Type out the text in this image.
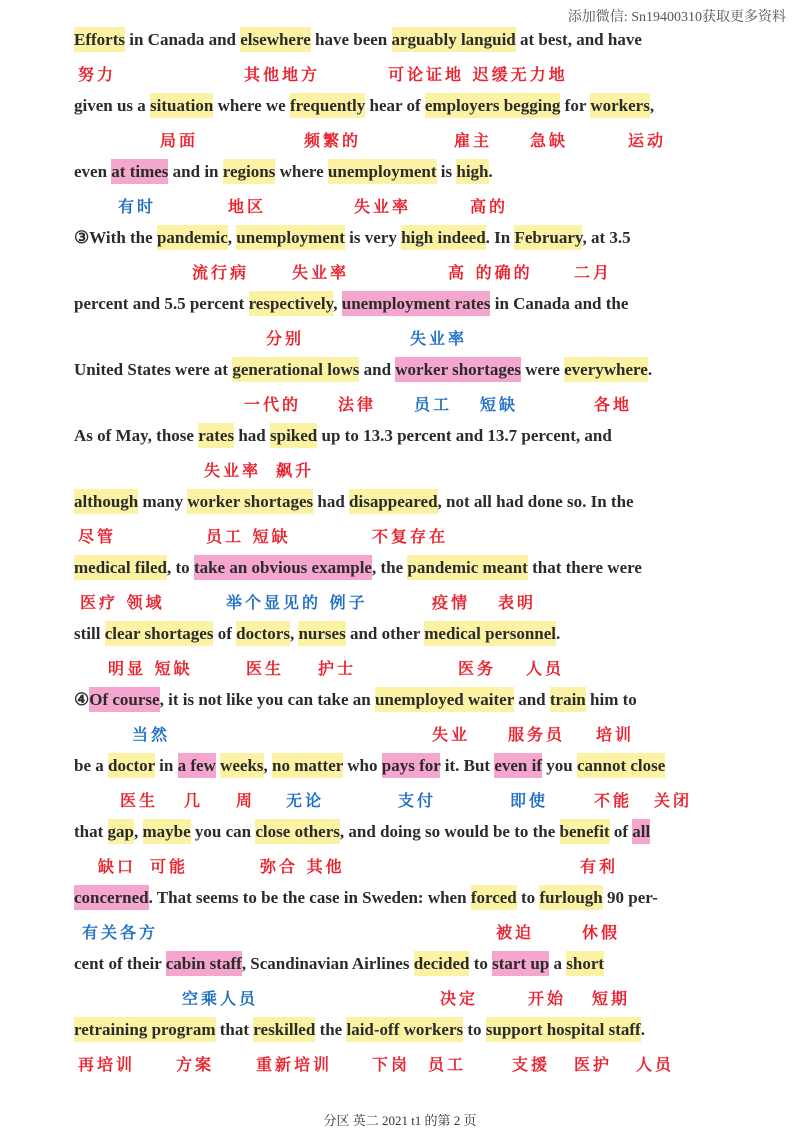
添加微信: Sn19400310获取更多资料
Efforts in Canada and elsewhere have been arguably languid at best, and have
努力	其他地方	可论证地 迟缓无力地
given us a situation where we frequently hear of employers begging for workers,
局面	频繁的	雇主 急缺	运动
even at times and in regions where unemployment is high.
有时	地区	失业率	高的
③With the pandemic, unemployment is very high indeed. In February, at 3.5
流行病	失业率	高 的确的	二月
percent and 5.5 percent respectively, unemployment rates in Canada and the
分别	失业率
United States were at generational lows and worker shortages were everywhere.
一代的 法律 员工 短缺	各地
As of May, those rates had spiked up to 13.3 percent and 13.7 percent, and
失业率 飙升
although many worker shortages had disappeared, not all had done so. In the
尽管	员工 短缺	不复存在
medical filed, to take an obvious example, the pandemic meant that there were
医疗 领域	举个显见的 例子	疫情 表明
still clear shortages of doctors, nurses and other medical personnel.
明显 短缺	医生 护士	医务 人员
④Of course, it is not like you can take an unemployed waiter and train him to
当然	失业 服务员 培训
be a doctor in a few weeks, no matter who pays for it. But even if you cannot close
医生 几 周 无论	支付	即使	不能 关闭
that gap, maybe you can close others, and doing so would be to the benefit of all
缺口 可能	弥合 其他	有利
concerned. That seems to be the case in Sweden: when forced to furlough 90 per-
有关各方	被迫	休假
cent of their cabin staff, Scandinavian Airlines decided to start up a short
空乘人员	决定	开始 短期
retraining program that reskilled the laid-off workers to support hospital staff.
再培训	方案	重新培训 下岗 员工	支援 医护 人员
分区 英二 2021 t1 的第 2 页
